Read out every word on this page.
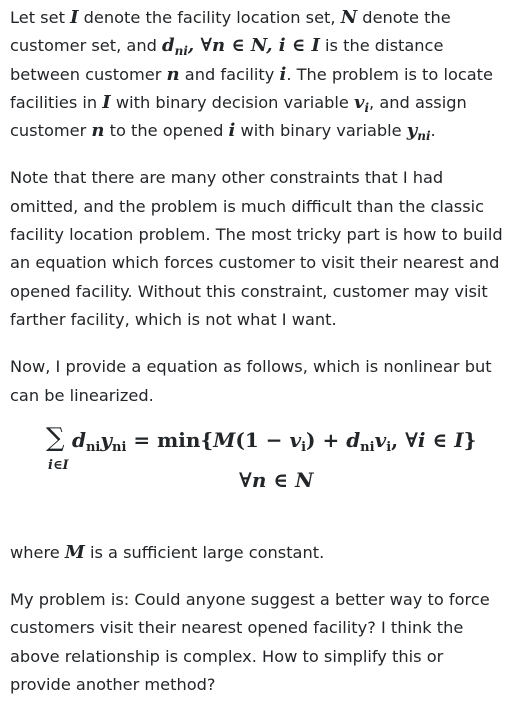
Let set I denote the facility location set, N denote the customer set, and $d_{ni}$, ∀n ∈ N, i ∈ I is the distance between customer n and facility i. The problem is to locate facilities in I with binary decision variable $v_i$, and assign customer n to the opened i with binary variable $y_{ni}$.

Note that there are many other constraints that I had omitted, and the problem is much difficult than the classic facility location problem. The most tricky part is how to build an equation which forces customer to visit their nearest and opened facility. Without this constraint, customer may visit farther facility, which is not what I want.

Now, I provide a equation as follows, which is nonlinear but can be linearized.

∑
i∈I
$d_{ni}y_{ni} = \min\{M(1 - v_i) + d_{ni}v_i$, ∀i ∈ I}
∀n ∈ N

where M is a sufficient large constant.

My problem is: Could anyone suggest a better way to force customers visit their nearest opened facility? I think the above relationship is complex. How to simplify this or provide another method?
